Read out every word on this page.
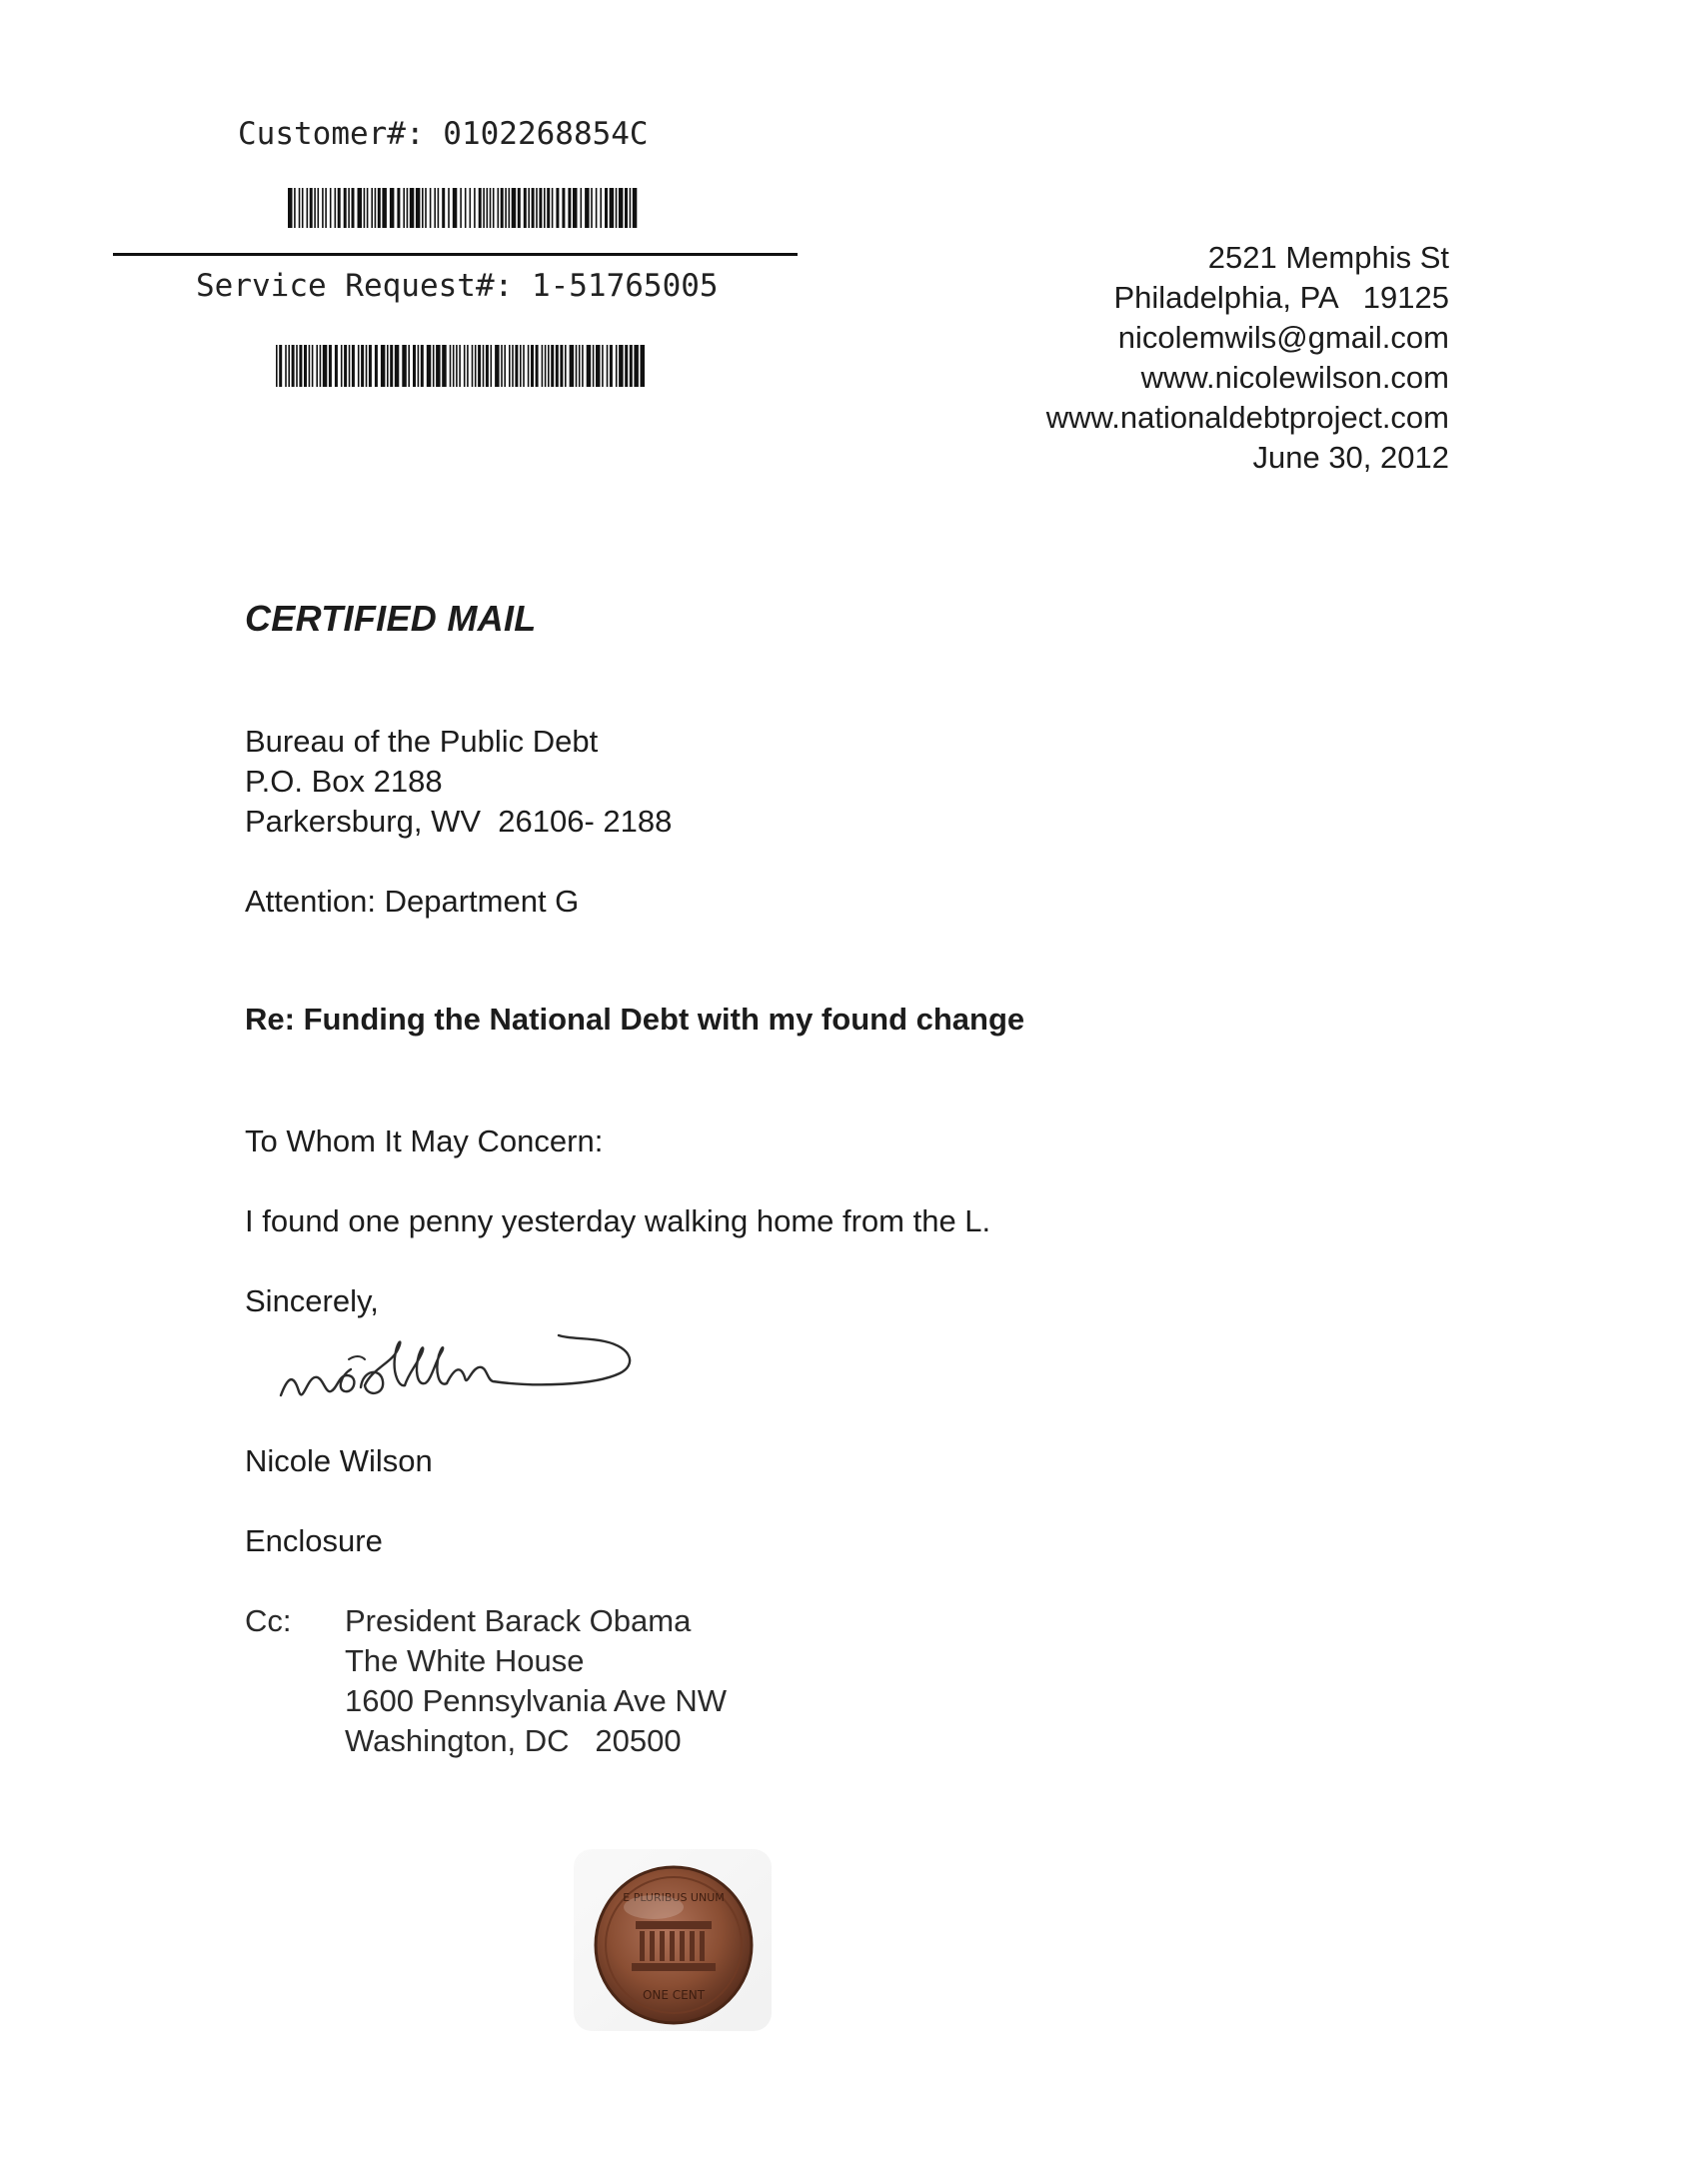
Customer#: 0102268854C
Service Request#: 1-51765005
2521 Memphis St
Philadelphia, PA   19125
nicolemwils@gmail.com
www.nicolewilson.com
www.nationaldebtproject.com
June 30, 2012
CERTIFIED MAIL
Bureau of the Public Debt
P.O. Box 2188
Parkersburg, WV  26106- 2188
Attention: Department G
Re: Funding the National Debt with my found change
To Whom It May Concern:
I found one penny yesterday walking home from the L.
Sincerely,
Nicole Wilson
Enclosure
Cc: President Barack Obama
The White House
1600 Pennsylvania Ave NW
Washington, DC   20500
E PLURIBUS UNUM
ONE CENT
